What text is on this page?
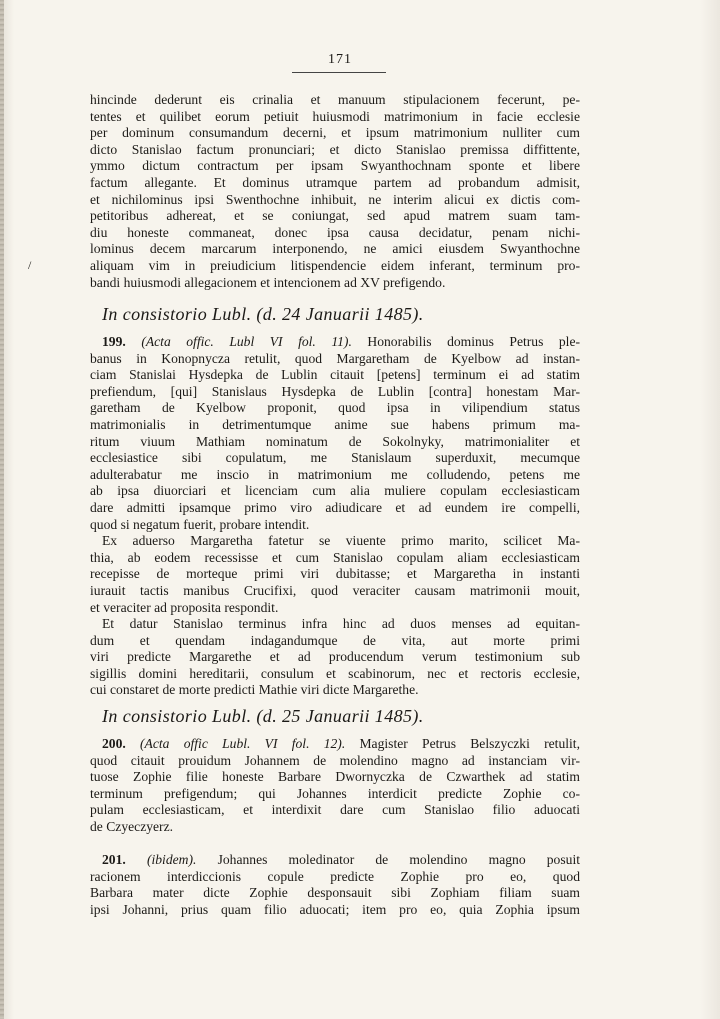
171
/
hincinde dederunt eis crinalia et manuum stipulacionem fecerunt, pe-
tentes et quilibet eorum petiuit huiusmodi matrimonium in facie ecclesie
per dominum consumandum decerni, et ipsum matrimonium nulliter cum
dicto Stanislao factum pronunciari; et dicto Stanislao premissa diffittente,
ymmo dictum contractum per ipsam Swyanthochnam sponte et libere
factum allegante. Et dominus utramque partem ad probandum admisit,
et nichilominus ipsi Swenthochne inhibuit, ne interim alicui ex dictis com-
petitoribus adhereat, et se coniungat, sed apud matrem suam tam-
diu honeste commaneat, donec ipsa causa decidatur, penam nichi-
lominus decem marcarum interponendo, ne amici eiusdem Swyanthochne
aliquam vim in preiudicium litispendencie eidem inferant, terminum pro-
bandi huiusmodi allegacionem et intencionem ad XV prefigendo.
In consistorio Lubl. (d. 24 Januarii 1485).
199. (Acta offic. Lubl VI fol. 11). Honorabilis dominus Petrus ple-
banus in Konopnycza retulit, quod Margaretham de Kyelbow ad instan-
ciam Stanislai Hysdepka de Lublin citauit [petens] terminum ei ad statim
prefiendum, [qui] Stanislaus Hysdepka de Lublin [contra] honestam Mar-
garetham de Kyelbow proponit, quod ipsa in vilipendium status
matrimonialis in detrimentumque anime sue habens primum ma-
ritum viuum Mathiam nominatum de Sokolnyky, matrimonialiter et
ecclesiastice sibi copulatum, me Stanislaum superduxit, mecumque
adulterabatur me inscio in matrimonium me colludendo, petens me
ab ipsa diuorciari et licenciam cum alia muliere copulam ecclesiasticam
dare admitti ipsamque primo viro adiudicare et ad eundem ire compelli,
quod si negatum fuerit, probare intendit.
Ex aduerso Margaretha fatetur se viuente primo marito, scilicet Ma-
thia, ab eodem recessisse et cum Stanislao copulam aliam ecclesiasticam
recepisse de morteque primi viri dubitasse; et Margaretha in instanti
iurauit tactis manibus Crucifixi, quod veraciter causam matrimonii mouit,
et veraciter ad proposita respondit.
Et datur Stanislao terminus infra hinc ad duos menses ad equitan-
dum et quendam indagandumque de vita, aut morte primi
viri predicte Margarethe et ad producendum verum testimonium sub
sigillis domini hereditarii, consulum et scabinorum, nec et rectoris ecclesie,
cui constaret de morte predicti Mathie viri dicte Margarethe.
In consistorio Lubl. (d. 25 Januarii 1485).
200. (Acta offic Lubl. VI fol. 12). Magister Petrus Belszyczki retulit,
quod citauit prouidum Johannem de molendino magno ad instanciam vir-
tuose Zophie filie honeste Barbare Dwornyczka de Czwarthek ad statim
terminum prefigendum; qui Johannes interdicit predicte Zophie co-
pulam ecclesiasticam, et interdixit dare cum Stanislao filio aduocati
de Czyeczyerz.
201. (ibidem). Johannes moledinator de molendino magno posuit
racionem interdiccionis copule predicte Zophie pro eo, quod
Barbara mater dicte Zophie desponsauit sibi Zophiam filiam suam
ipsi Johanni, prius quam filio aduocati; item pro eo, quia Zophia ipsum
